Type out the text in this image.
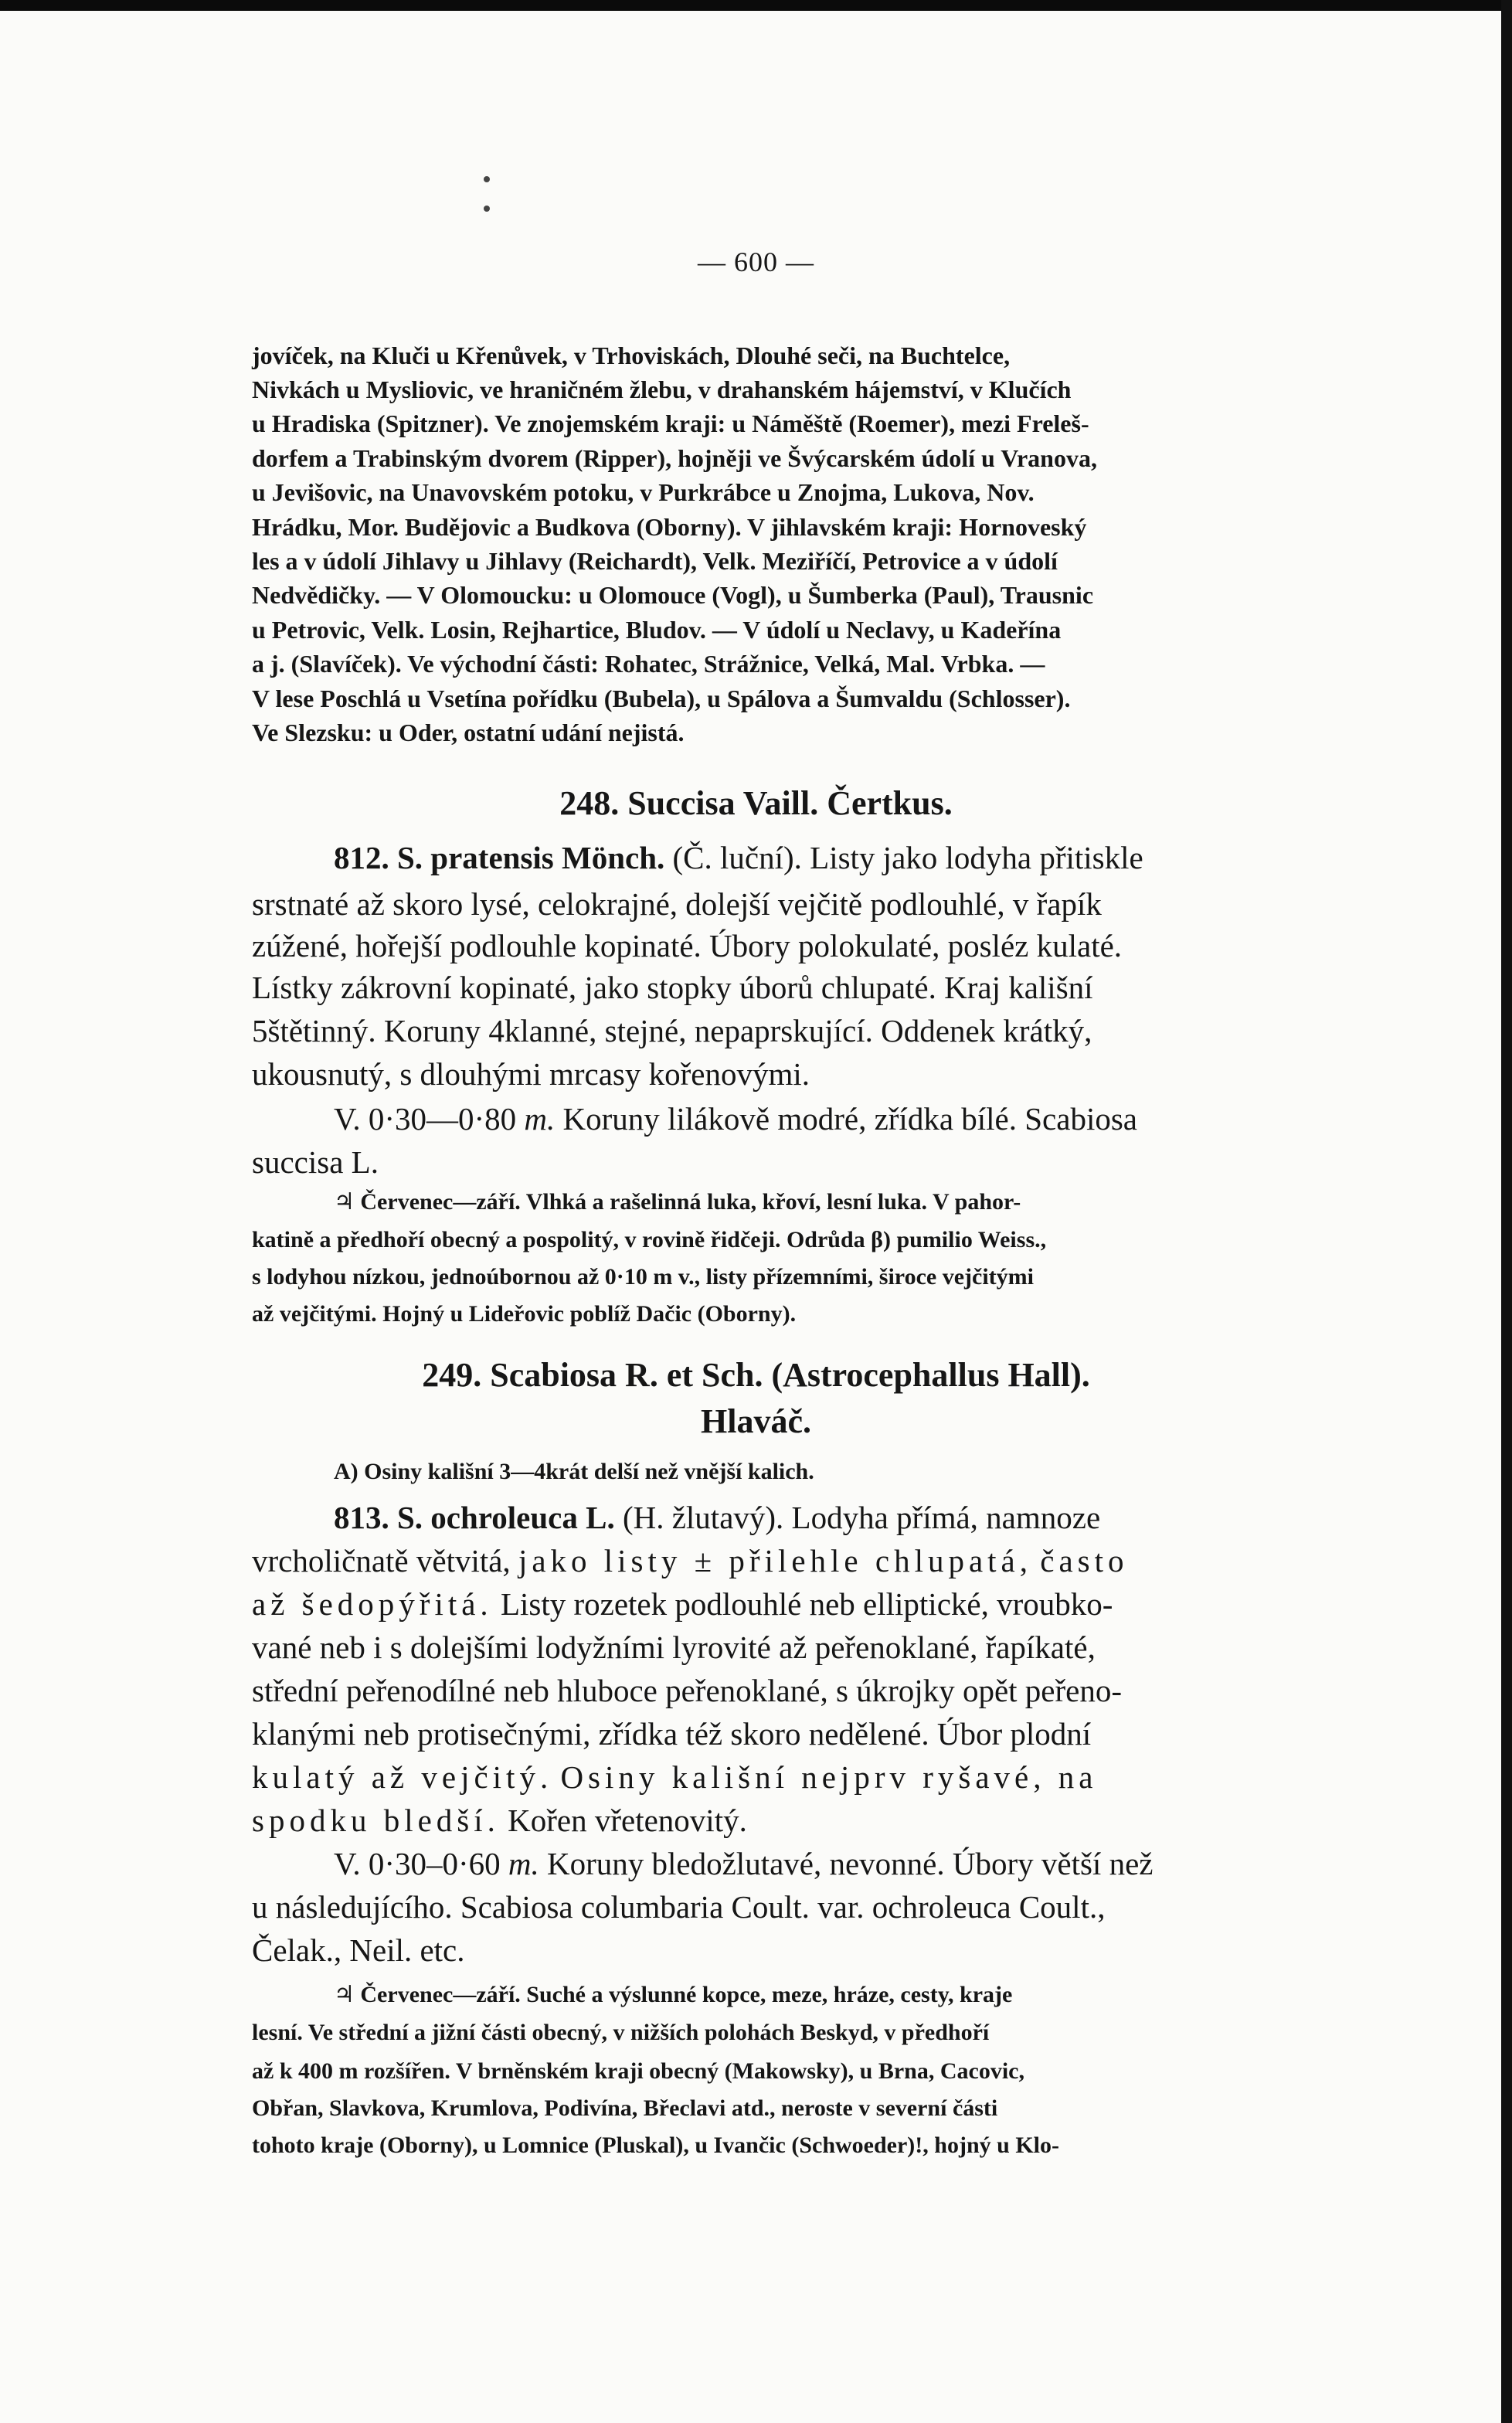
— 600 —
jovíček, na Kluči u Křenůvek, v Trhoviskách, Dlouhé seči, na Buchtelce,
Nivkách u Mysliovic, ve hraničném žlebu, v drahanském hájemství, v Klučích
u Hradiska (Spitzner). Ve znojemském kraji: u Náměště (Roemer), mezi Freleš-
dorfem a Trabinským dvorem (Ripper), hojněji ve Švýcarském údolí u Vranova,
u Jevišovic, na Unavovském potoku, v Purkrábce u Znojma, Lukova, Nov.
Hrádku, Mor. Budějovic a Budkova (Oborny). V jihlavském kraji: Hornoveský
les a v údolí Jihlavy u Jihlavy (Reichardt), Velk. Meziříčí, Petrovice a v údolí
Nedvědičky. — V Olomoucku: u Olomouce (Vogl), u Šumberka (Paul), Trausnic
u Petrovic, Velk. Losin, Rejhartice, Bludov. — V údolí u Neclavy, u Kadeřína
a j. (Slavíček). Ve východní části: Rohatec, Strážnice, Velká, Mal. Vrbka. —
V lese Poschlá u Vsetína pořídku (Bubela), u Spálova a Šumvaldu (Schlosser).
Ve Slezsku: u Oder, ostatní udání nejistá.
248. Succisa Vaill. Čertkus.
812. S. pratensis Mönch. (Č. luční). Listy jako lodyha přitiskle
srstnaté až skoro lysé, celokrajné, dolejší vejčitě podlouhlé, v řapík
zúžené, hořejší podlouhle kopinaté. Úbory polokulaté, posléz kulaté.
Lístky zákrovní kopinaté, jako stopky úborů chlupaté. Kraj kališní
5štětinný. Koruny 4klanné, stejné, nepaprskující. Oddenek krátký,
ukousnutý, s dlouhými mrcasy kořenovými.
V. 0·30—0·80 m. Koruny lilákově modré, zřídka bílé. Scabiosa
succisa L.
♃ Červenec—září. Vlhká a rašelinná luka, křoví, lesní luka. V pahor-
katině a předhoří obecný a pospolitý, v rovině řidčeji. Odrůda β) pumilio Weiss.,
s lodyhou nízkou, jednoúbornou až 0·10 m v., listy přízemními, široce vejčitými
až vejčitými. Hojný u Lideřovic poblíž Dačic (Oborny).
249. Scabiosa R. et Sch. (Astrocephallus Hall).
Hlaváč.
A) Osiny kališní 3—4krát delší než vnější kalich.
813. S. ochroleuca L. (H. žlutavý). Lodyha přímá, namnoze
vrcholičnatě větvitá, jako listy ± přilehle chlupatá, často
až šedopýřitá. Listy rozetek podlouhlé neb elliptické, vroubko-
vané neb i s dolejšími lodyžními lyrovité až peřenoklané, řapíkaté,
střední peřenodílné neb hluboce peřenoklané, s úkrojky opět peřeno-
klanými neb protisečnými, zřídka též skoro nedělené. Úbor plodní
kulatý až vejčitý. Osiny kališní nejprv ryšavé, na
spodku bledší. Kořen vřetenovitý.
V. 0·30–0·60 m. Koruny bledožlutavé, nevonné. Úbory větší než
u následujícího. Scabiosa columbaria Coult. var. ochroleuca Coult.,
Čelak., Neil. etc.
♃ Červenec—září. Suché a výslunné kopce, meze, hráze, cesty, kraje
lesní. Ve střední a jižní části obecný, v nižších polohách Beskyd, v předhoří
až k 400 m rozšířen. V brněnském kraji obecný (Makowsky), u Brna, Cacovic,
Obřan, Slavkova, Krumlova, Podivína, Břeclavi atd., neroste v severní části
tohoto kraje (Oborny), u Lomnice (Pluskal), u Ivančic (Schwoeder)!, hojný u Klo-
